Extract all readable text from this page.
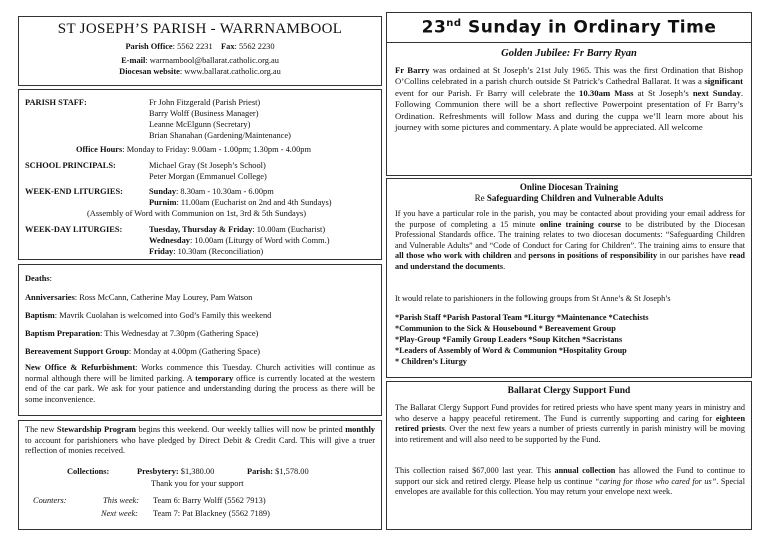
ST JOSEPH’S PARISH - WARRNAMBOOL
Parish Office: 5562 2231 Fax: 5562 2230
E-mail: warrnambool@ballarat.catholic.org.au
Diocesan website: www.ballarat.catholic.org.au
PARISH STAFF:	Fr John Fitzgerald (Parish Priest)
Barry Wolff (Business Manager)
Leanne McElgunn (Secretary)
Brian Shanahan (Gardening/Maintenance)
Office Hours: Monday to Friday: 9.00am - 1.00pm; 1.30pm - 4.00pm
SCHOOL PRINCIPALS:	Michael Gray (St Joseph’s School)
Peter Morgan (Emmanuel College)
WEEK-END LITURGIES:	Sunday: 8.30am - 10.30am - 6.00pm
Purnim: 11.00am (Eucharist on 2nd and 4th Sundays)
(Assembly of Word with Communion on 1st, 3rd & 5th Sundays)
WEEK-DAY LITURGIES:	Tuesday, Thursday & Friday: 10.00am (Eucharist)
Wednesday: 10.00am (Liturgy of Word with Comm.)
Friday: 10.30am (Reconciliation)
Deaths:
Anniversaries: Ross McCann, Catherine May Lourey, Pam Watson
Baptism: Mavrik Cuolahan is welcomed into God’s Family this weekend
Baptism Preparation: This Wednesday at 7.30pm (Gathering Space)
Bereavement Support Group: Monday at 4.00pm (Gathering Space)
New Office & Refurbishment: Works commence this Tuesday. Church activities will continue as normal although there will be limited parking. A temporary office is currently located at the western end of the car park. We ask for your patience and understanding during the process as there will be some inconvenience.
The new Stewardship Program begins this weekend. Our weekly tallies will now be printed monthly to account for parishioners who have pledged by Direct Debit & Credit Card. This will give a truer reflection of monies received.
Collections:	Presbytery: $1,380.00	Parish: $1,578.00
Thank you for your support
Counters:	This week: Team 6: Barry Wolff (5562 7913)
Next week: Team 7: Pat Blackney (5562 7189)
23nd Sunday in Ordinary Time
Golden Jubilee: Fr Barry Ryan
Fr Barry was ordained at St Joseph’s 21st July 1965. This was the first Ordination that Bishop O’Collins celebrated in a parish church outside St Patrick’s Cathedral Ballarat. It was a significant event for our Parish. Fr Barry will celebrate the 10.30am Mass at St Joseph’s next Sunday. Following Communion there will be a short reflective Powerpoint presentation of Fr Barry’s Ordination. Refreshments will follow Mass and during the cuppa we’ll learn more about his journey with some pictures and commentary. A plate would be appreciated. All welcome
Online Diocesan Training
Re Safeguarding Children and Vulnerable Adults
If you have a particular role in the parish, you may be contacted about providing your email address for the purpose of completing a 15 minute online training course to be distributed by the Diocesan Professional Standards office. The training relates to two diocesan documents: “Safeguarding Children and Vulnerable Adults” and “Code of Conduct for Caring for Children”. The training aims to ensure that all those who work with children and persons in positions of responsibility in our parishes have read and understand the documents.
It would relate to parishioners in the following groups from St Anne’s & St Joseph’s
*Parish Staff *Parish Pastoral Team *Liturgy *Maintenance *Catechists
*Communion to the Sick & Housebound * Bereavement Group
*Play-Group *Family Group Leaders *Soup Kitchen *Sacristans
*Leaders of Assembly of Word & Communion *Hospitality Group
* Children’s Liturgy
Ballarat Clergy Support Fund
The Ballarat Clergy Support Fund provides for retired priests who have spent many years in ministry and who deserve a happy peaceful retirement. The Fund is currently supporting and caring for eighteen retired priests. Over the next few years a number of priests currently in parish ministry will be moving into retirement and will also need to be supported by the Fund.
This collection raised $67,000 last year. This annual collection has allowed the Fund to continue to support our sick and retired clergy. Please help us continue “caring for those who cared for us”. Special envelopes are available for this collection. You may return your envelope next week.
